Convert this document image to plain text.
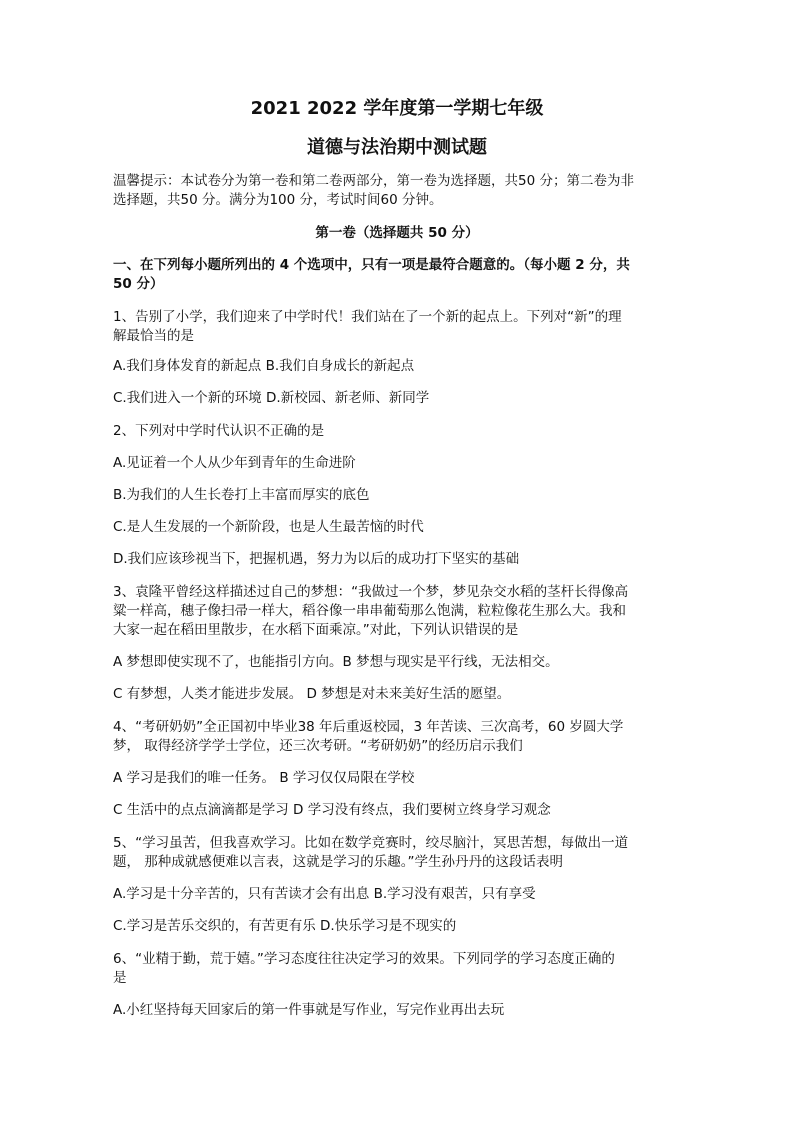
2021 2022 学年度第一学期七年级
道德与法治期中测试题
温馨提示：本试卷分为第一卷和第二卷两部分，第一卷为选择题，共50 分；第二卷为非
选择题，共50 分。满分为100 分，考试时间60 分钟。
第一卷（选择题共 50 分）
一、在下列每小题所列出的 4 个选项中，只有一项是最符合题意的。（每小题 2 分，共
50 分）
1、告别了小学，我们迎来了中学时代！我们站在了一个新的起点上。下列对“新”的理
解最恰当的是
A.我们身体发育的新起点 B.我们自身成长的新起点
C.我们进入一个新的环境 D.新校园、新老师、新同学
2、下列对中学时代认识不正确的是
A.见证着一个人从少年到青年的生命进阶
B.为我们的人生长卷打上丰富而厚实的底色
C.是人生发展的一个新阶段，也是人生最苦恼的时代
D.我们应该珍视当下，把握机遇，努力为以后的成功打下坚实的基础
3、袁隆平曾经这样描述过自己的梦想：“我做过一个梦，梦见杂交水稻的茎杆长得像高
粱一样高，穗子像扫帚一样大，稻谷像一串串葡萄那么饱满，粒粒像花生那么大。我和
大家一起在稻田里散步，在水稻下面乘凉。”对此，下列认识错误的是
A 梦想即使实现不了，也能指引方向。B 梦想与现实是平行线，无法相交。
C 有梦想，人类才能进步发展。 D 梦想是对未来美好生活的愿望。
4、“考研奶奶”全正国初中毕业38 年后重返校园，3 年苦读、三次高考，60 岁圆大学
梦， 取得经济学学士学位，还三次考研。“考研奶奶”的经历启示我们
A 学习是我们的唯一任务。 B 学习仅仅局限在学校
C 生活中的点点滴滴都是学习 D 学习没有终点，我们要树立终身学习观念
5、“学习虽苦，但我喜欢学习。比如在数学竞赛时，绞尽脑汁，冥思苦想，每做出一道
题， 那种成就感便难以言表，这就是学习的乐趣。”学生孙丹丹的这段话表明
A.学习是十分辛苦的，只有苦读才会有出息 B.学习没有艰苦，只有享受
C.学习是苦乐交织的，有苦更有乐 D.快乐学习是不现实的
6、“业精于勤，荒于嬉。”学习态度往往决定学习的效果。下列同学的学习态度正确的
是
A.小红坚持每天回家后的第一件事就是写作业，写完作业再出去玩
